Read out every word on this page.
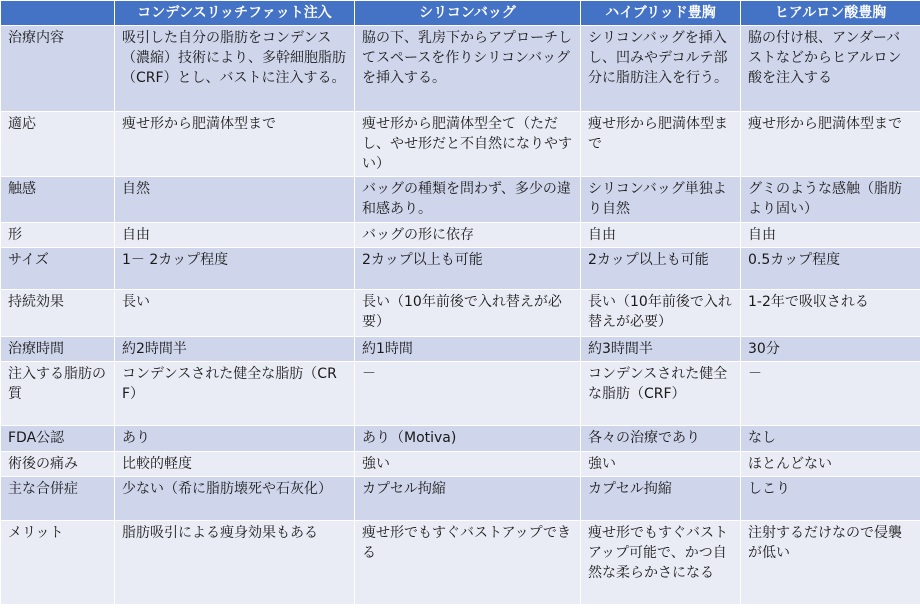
	コンデンスリッチファット注入	シリコンバッグ	ハイブリッド豊胸	ヒアルロン酸豊胸
治療内容	吸引した自分の脂肪をコンデンス（濃縮）技術により、多幹細胞脂肪（CRF）とし、バストに注入する。	脇の下、乳房下からアプローチしてスペースを作りシリコンバッグを挿入する。	シリコンバッグを挿入し、凹みやデコルテ部分に脂肪注入を行う。	脇の付け根、アンダーバストなどからヒアルロン酸を注入する
適応	痩せ形から肥満体型まで	痩せ形から肥満体型全て（ただし、やせ形だと不自然になりやすい）	痩せ形から肥満体型まで	痩せ形から肥満体型まで
触感	自然	バッグの種類を問わず、多少の違和感あり。	シリコンバッグ単独より自然	グミのような感触（脂肪より固い）
形	自由	バッグの形に依存	自由	自由
サイズ	1－ 2カップ程度	2カップ以上も可能	2カップ以上も可能	0.5カップ程度
持続効果	長い	長い（10年前後で入れ替えが必要）	長い（10年前後で入れ替えが必要）	1-2年で吸収される
治療時間	約2時間半	約1時間	約3時間半	30分
注入する脂肪の質	コンデンスされた健全な脂肪（CRF）	－	コンデンスされた健全な脂肪（CRF）	－
FDA公認	あり	あり（Motiva)	各々の治療であり	なし
術後の痛み	比較的軽度	強い	強い	ほとんどない
主な合併症	少ない（希に脂肪壊死や石灰化）	カプセル拘縮	カプセル拘縮	しこり
メリット	脂肪吸引による痩身効果もある	痩せ形でもすぐバストアップできる	痩せ形でもすぐバストアップ可能で、かつ自然な柔らかさになる	注射するだけなので侵襲が低い
